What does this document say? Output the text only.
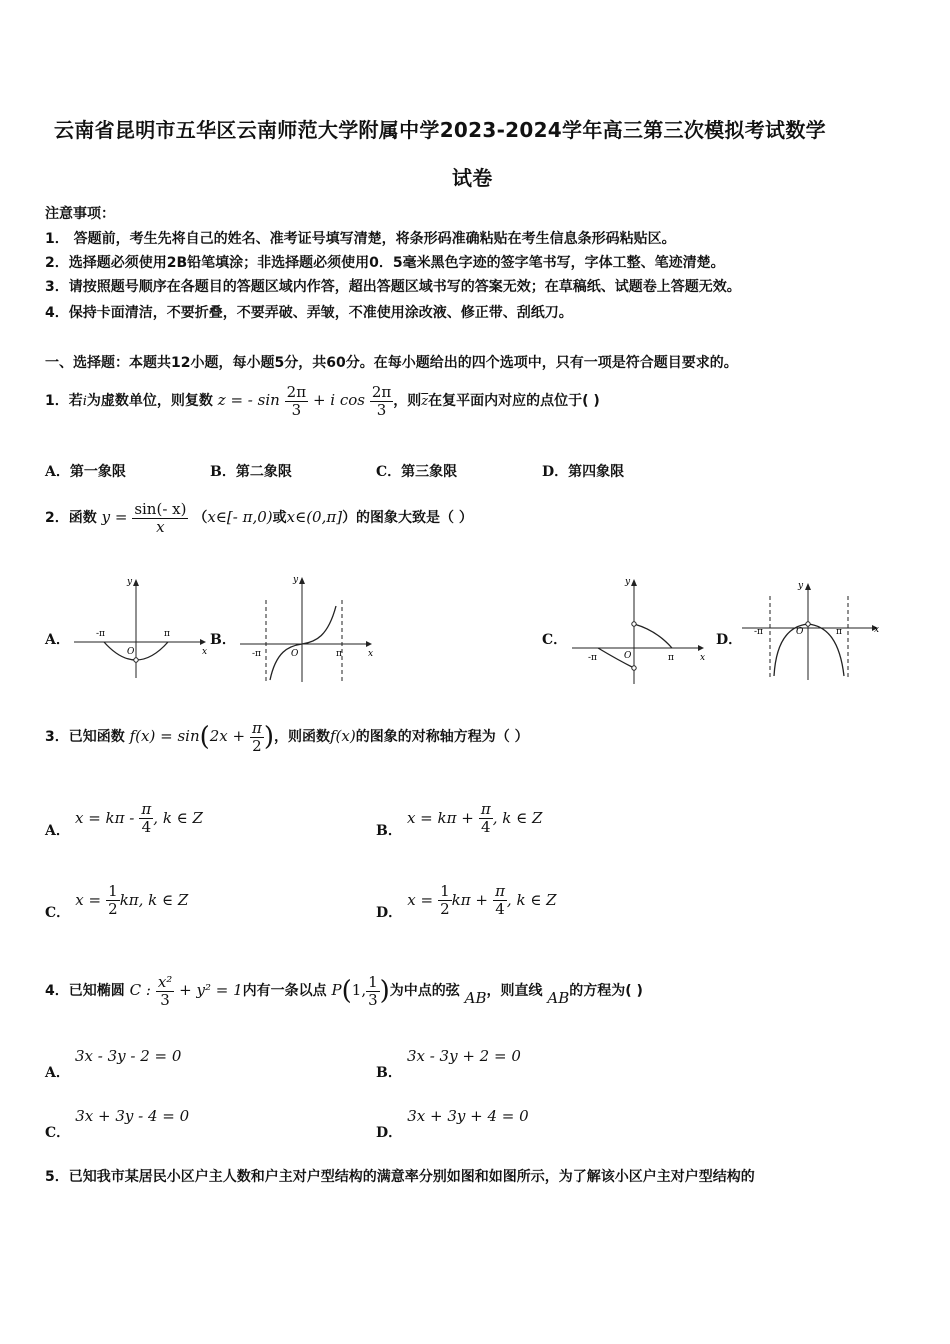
云南省昆明市五华区云南师范大学附属中学2023-2024学年高三第三次模拟考试数学
试卷
注意事项：
1． 答题前，考生先将自己的姓名、准考证号填写清楚，将条形码准确粘贴在考生信息条形码粘贴区。
2．选择题必须使用2B铅笔填涂；非选择题必须使用0．5毫米黑色字迹的签字笔书写，字体工整、笔迹清楚。
3．请按照题号顺序在各题目的答题区域内作答，超出答题区域书写的答案无效；在草稿纸、试题卷上答题无效。
4．保持卡面清洁，不要折叠，不要弄破、弄皱，不准使用涂改液、修正带、刮纸刀。
一、选择题：本题共12小题，每小题5分，共60分。在每小题给出的四个选项中，只有一项是符合题目要求的。
1．若i为虚数单位，则复数 z = - $\sin \frac{2\pi}{3} + i$ $\cos \frac{2\pi}{3}$ ，则$\overline{z}$在复平面内对应的点位于( )
A．第一象限	B．第二象限	C．第三象限	D．第四象限
2．函数 $y = \frac{\sin(- x)}{x}$ （x∈[- π,0)或x∈(0,π]）的图象大致是（ ）
A．	B．	C．	D．
y
x
O
-π	π
y
x
O
-π	π
y
x
O
-π	π
y
x
O
-π	π
3．已知函数 $f(x) = \sin(2x + \frac{\pi}{2}$ )，则函数f(x)的图象的对称轴方程为（ ）
A． $x = k\pi - \frac{\pi}{4}$ , k ∈ Z
B． $x = k\pi + \frac{\pi}{4}$ , k ∈ Z
C． $x = \frac{1}{2} k\pi$, k ∈ Z
D． $x = \frac{1}{2}$ $k\pi + \frac{\pi}{4}$ , k ∈ Z
4．已知椭圆 C : $\frac{\text{x²}}{3} + y^2 = 1$内有一条以点 P(1, $\frac{1}{3}$ )为中点的弦 AB，则直线 AB的方程为( )
A． 3x - 3y - 2 = 0
B． 3x - 3y + 2 = 0
C． 3x + 3y - 4 = 0
D． 3x + 3y + 4 = 0
5．已知我市某居民小区户主人数和户主对户型结构的满意率分别如图和如图所示，为了解该小区户主对户型结构的
